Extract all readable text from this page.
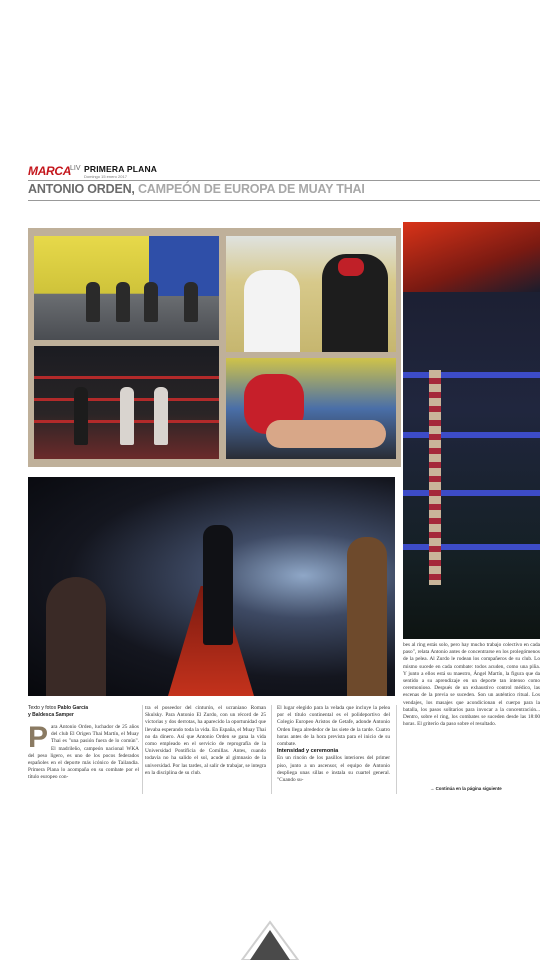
MARCA
LIV PRIMERA PLANA
Domingo 15 enero 2017
ANTONIO ORDEN, CAMPEÓN DE EUROPA DE MUAY THAI
Texto y fotos Pablo García
y Baldesca Samper
P ara Antonio Orden, luchador de 25 años del club El Origen Thai Martín, el Muay Thai es "una pasión fuera de lo común". El madrileño, campeón nacional WKA del peso ligero, es uno de los pocos federados españoles en el deporte más icónico de Tailandia. Primera Plana lo acompaña en su combate por el título europeo con-

tra el poseedor del cinturón, el ucraniano Roman Skulsky. Para Antonio El Zurdo, con un récord de 25 victorias y dos derrotas, ha aparecido la oportunidad que llevaba esperando toda la vida. En España, el Muay Thai no da dinero. Así que Antonio Orden se gana la vida como empleado en el servicio de reprografía de la Universidad Pontificia de Comillas. Antes, cuando todavía no ha salido el sol, acude al gimnasio de la universidad. Por las tardes, al salir de trabajar, se integra en la disciplina de su club.

El lugar elegido para la velada que incluye la pelea por el título continental es el polideportivo del Colegio Europeo Aristos de Getafe, adonde Antonio Orden llega alrededor de las siete de la tarde. Cuatro horas antes de la hora prevista para el inicio de su combate.

Intensidad y ceremonia

En un rincón de los pasillos interiores del primer piso, junto a un ascensor, el equipo de Antonio despliega unas sillas e instala su cuartel general. "Cuando su-

bes al ring estás solo, pero hay mucho trabajo colectivo en cada paso", relata Antonio antes de concentrarse en los prolegómenos de la pelea. Al Zurdo le rodean los compañeros de su club. Lo mismo sucede en cada combate: todos acuden, como una piña. Y junto a ellos está su maestro, Ángel Martín, la figura que da sentido a su aprendizaje en un deporte tan intenso como ceremonioso. Después de un exhaustivo control médico, las escenas de la previa se suceden. Son un auténtico ritual. Los vendajes, los masajes que acondicionan el cuerpo para la batalla, los pasos solitarios para invocar a la concentración... Dentro, sobre el ring, los combates se suceden desde las 18:00 horas. El griterío da paso sobre el resultado.

→ Continúa en la página siguiente
